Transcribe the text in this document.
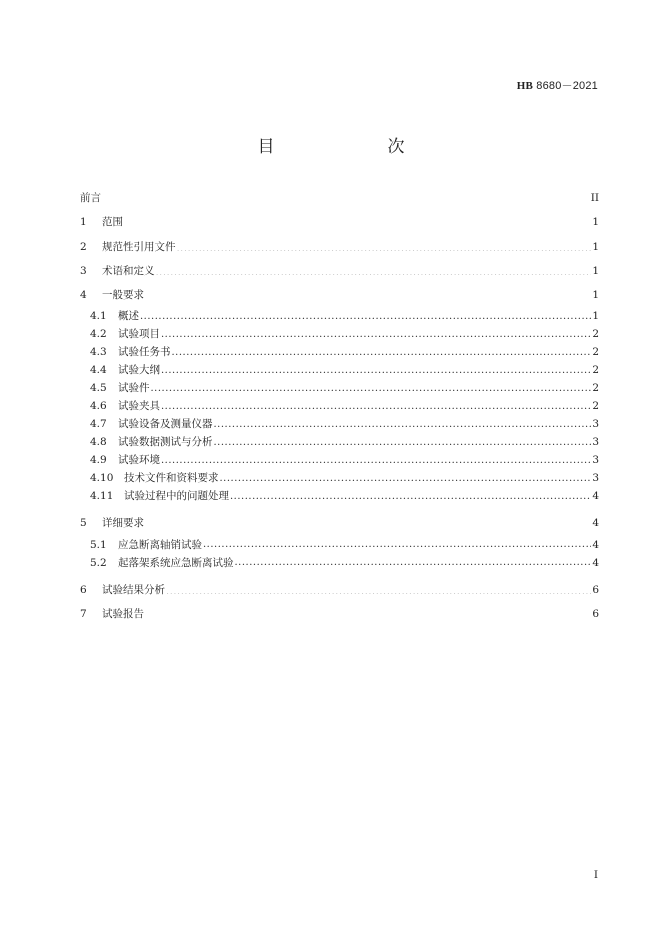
HB 8680－2021
目　次
前言 ·····	II
1	范围 ·····	1
2	规范性引用文件 ·····	1
3	术语和定义 ·····	1
4	一般要求 ·····	1
4.1	概述 ·····	1
4.2	试验项目 ·····	2
4.3	试验任务书 ·····	2
4.4	试验大纲 ·····	2
4.5	试验件 ·····	2
4.6	试验夹具 ·····	2
4.7	试验设备及测量仪器 ·····	3
4.8	试验数据测试与分析 ·····	3
4.9	试验环境 ·····	3
4.10	技术文件和资料要求 ·····	3
4.11	试验过程中的问题处理 ·····	4
5	详细要求 ·····	4
5.1	应急断离轴销试验 ·····	4
5.2	起落架系统应急断离试验 ·····	4
6	试验结果分析 ·····	6
7	试验报告 ·····	6
I
